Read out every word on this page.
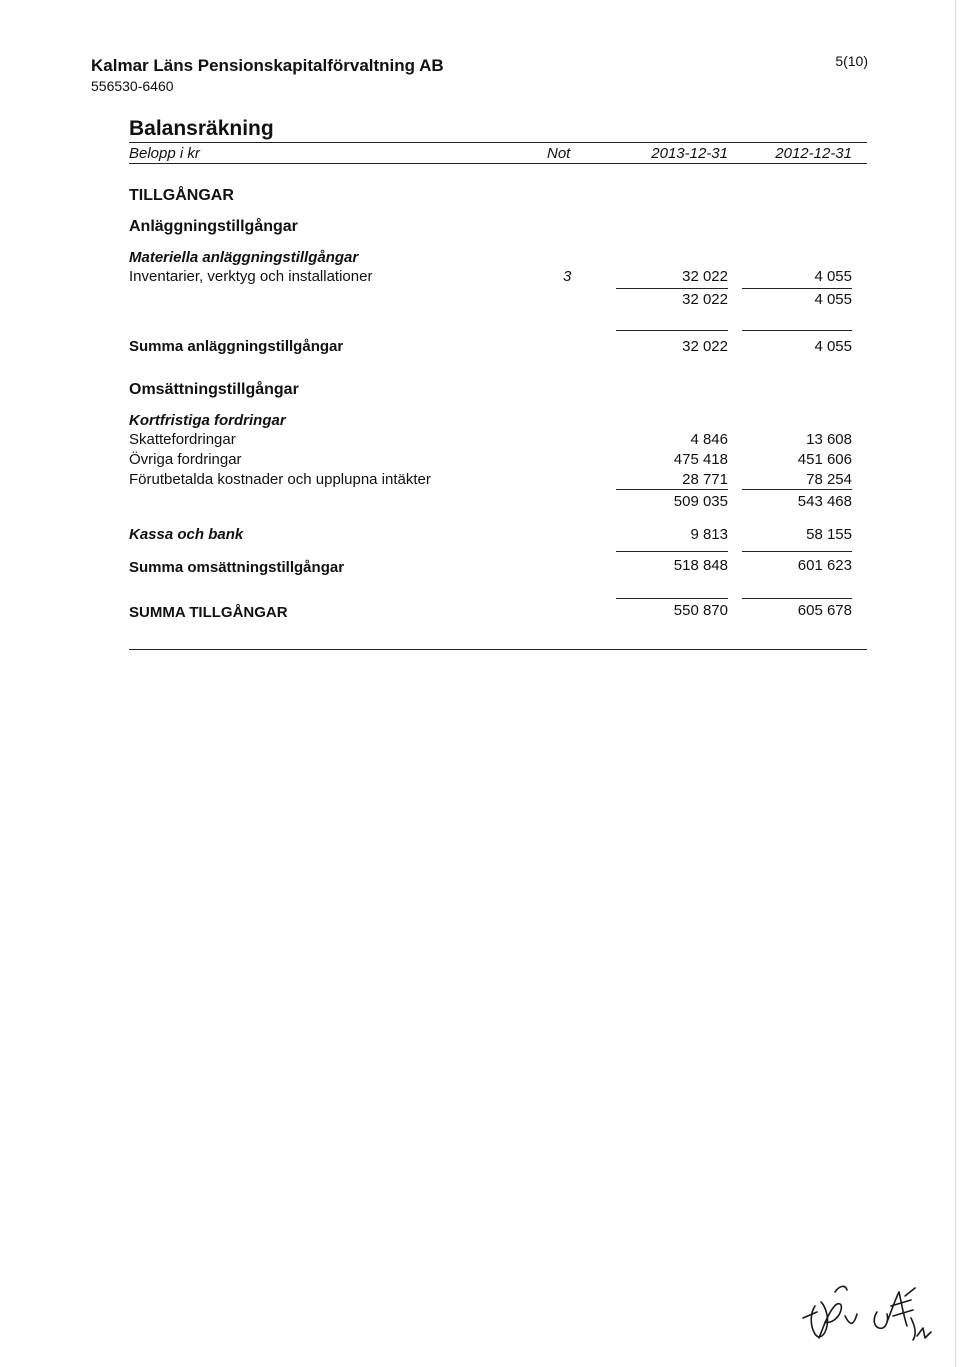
Kalmar Läns Pensionskapitalförvaltning AB
556530-6460
5(10)
Balansräkning
Belopp i kr	Not	2013-12-31	2012-12-31
TILLGÅNGAR
Anläggningstillgångar
Materiella anläggningstillgångar
Inventarier, verktyg och installationer	3	32 022	4 055
32 022	4 055
Summa anläggningstillgångar	32 022	4 055
Omsättningstillgångar
Kortfristiga fordringar
Skattefordringar	4 846	13 608
Övriga fordringar	475 418	451 606
Förutbetalda kostnader och upplupna intäkter	28 771	78 254
509 035	543 468
Kassa och bank	9 813	58 155
Summa omsättningstillgångar	518 848	601 623
SUMMA TILLGÅNGAR	550 870	605 678
